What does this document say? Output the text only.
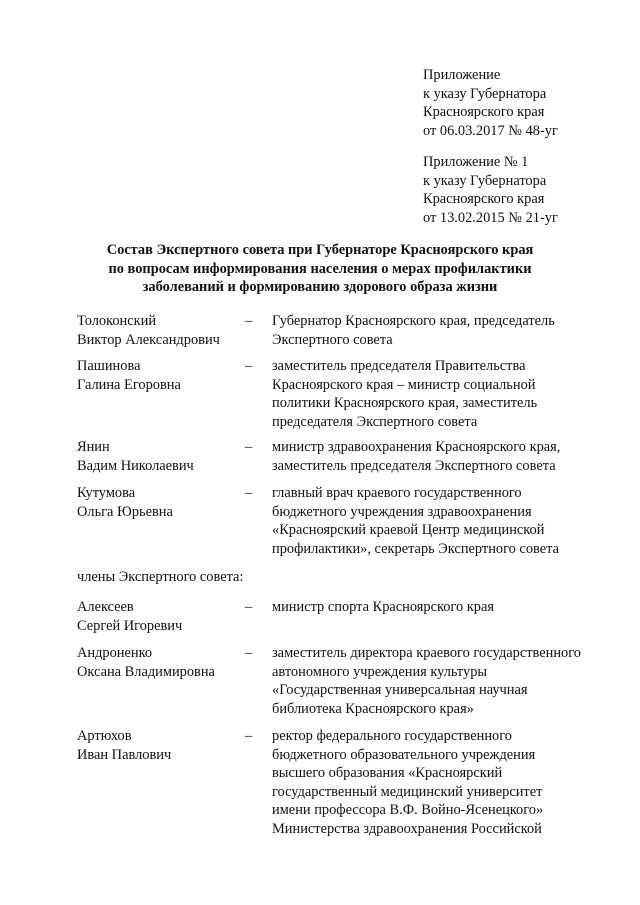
Приложение
к указу Губернатора
Красноярского края
от 06.03.2017 № 48-уг
Приложение № 1
к указу Губернатора
Красноярского края
от 13.02.2015 № 21-уг
Состав Экспертного совета при Губернаторе Красноярского края
по вопросам информирования населения о мерах профилактики
заболеваний и формированию здорового образа жизни
Толоконский
Виктор Александрович
– Губернатор Красноярского края, председатель
Экспертного совета
Пашинова
Галина Егоровна
– заместитель председателя Правительства
Красноярского края – министр социальной
политики Красноярского края, заместитель
председателя Экспертного совета
Янин
Вадим Николаевич
– министр здравоохранения Красноярского края,
заместитель председателя Экспертного совета
Кутумова
Ольга Юрьевна
– главный врач краевого государственного
бюджетного учреждения здравоохранения
«Красноярский краевой Центр медицинской
профилактики», секретарь Экспертного совета
члены Экспертного совета:
Алексеев
Сергей Игоревич
– министр спорта Красноярского края
Андроненко
Оксана Владимировна
– заместитель директора краевого государственного
автономного учреждения культуры
«Государственная универсальная научная
библиотека Красноярского края»
Артюхов
Иван Павлович
– ректор федерального государственного
бюджетного образовательного учреждения
высшего образования «Красноярский
государственный медицинский университет
имени профессора В.Ф. Войно-Ясенецкого»
Министерства здравоохранения Российской
